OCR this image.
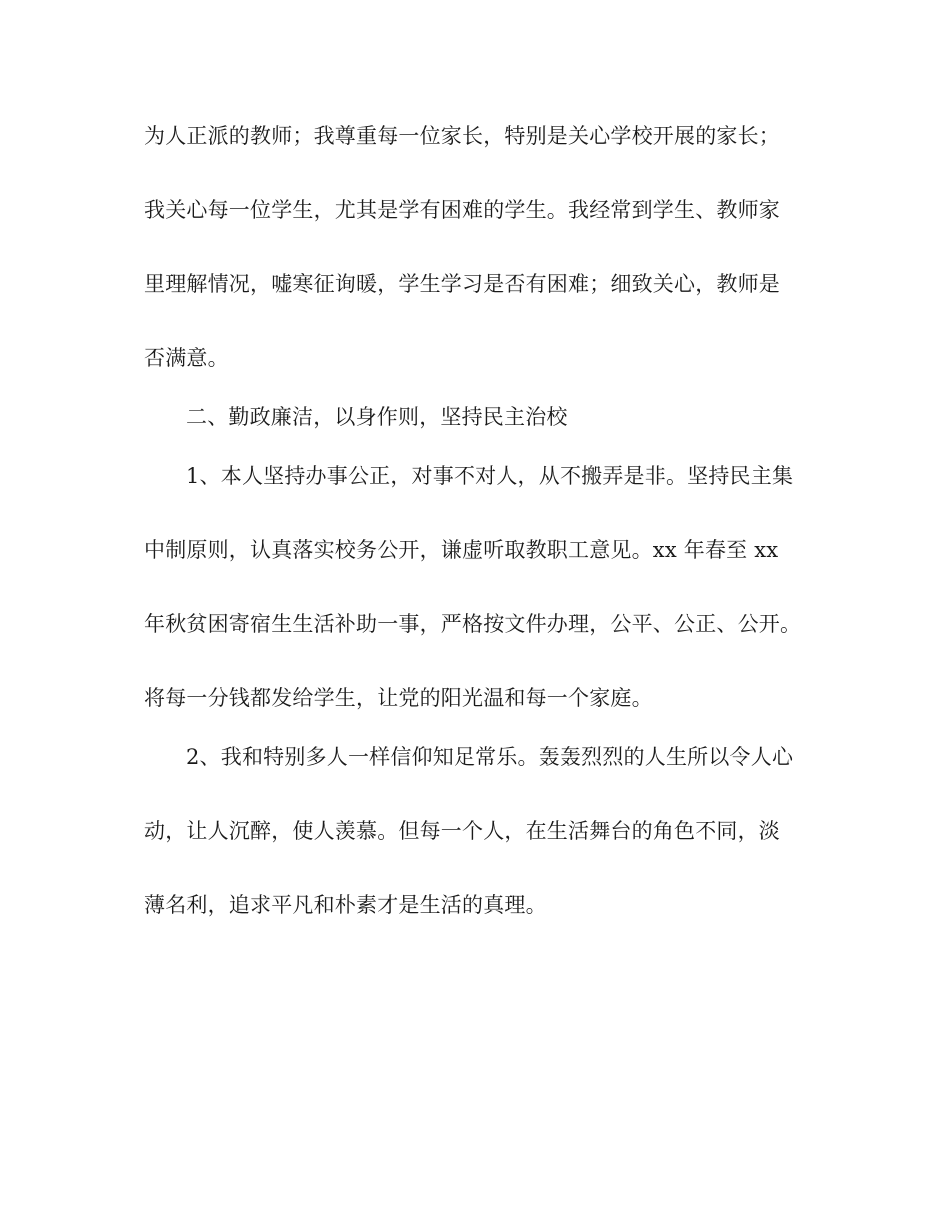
为人正派的教师；我尊重每一位家长，特别是关心学校开展的家长；
我关心每一位学生，尤其是学有困难的学生。我经常到学生、教师家
里理解情况，嘘寒征询暖，学生学习是否有困难；细致关心，教师是
否满意。
二、勤政廉洁，以身作则，坚持民主治校
1、本人坚持办事公正，对事不对人，从不搬弄是非。坚持民主集
中制原则，认真落实校务公开，谦虚听取教职工意见。xx 年春至 xx
年秋贫困寄宿生生活补助一事，严格按文件办理，公平、公正、公开。
将每一分钱都发给学生，让党的阳光温和每一个家庭。
2、我和特别多人一样信仰知足常乐。轰轰烈烈的人生所以令人心
动，让人沉醉，使人羡慕。但每一个人，在生活舞台的角色不同，淡
薄名利，追求平凡和朴素才是生活的真理。
